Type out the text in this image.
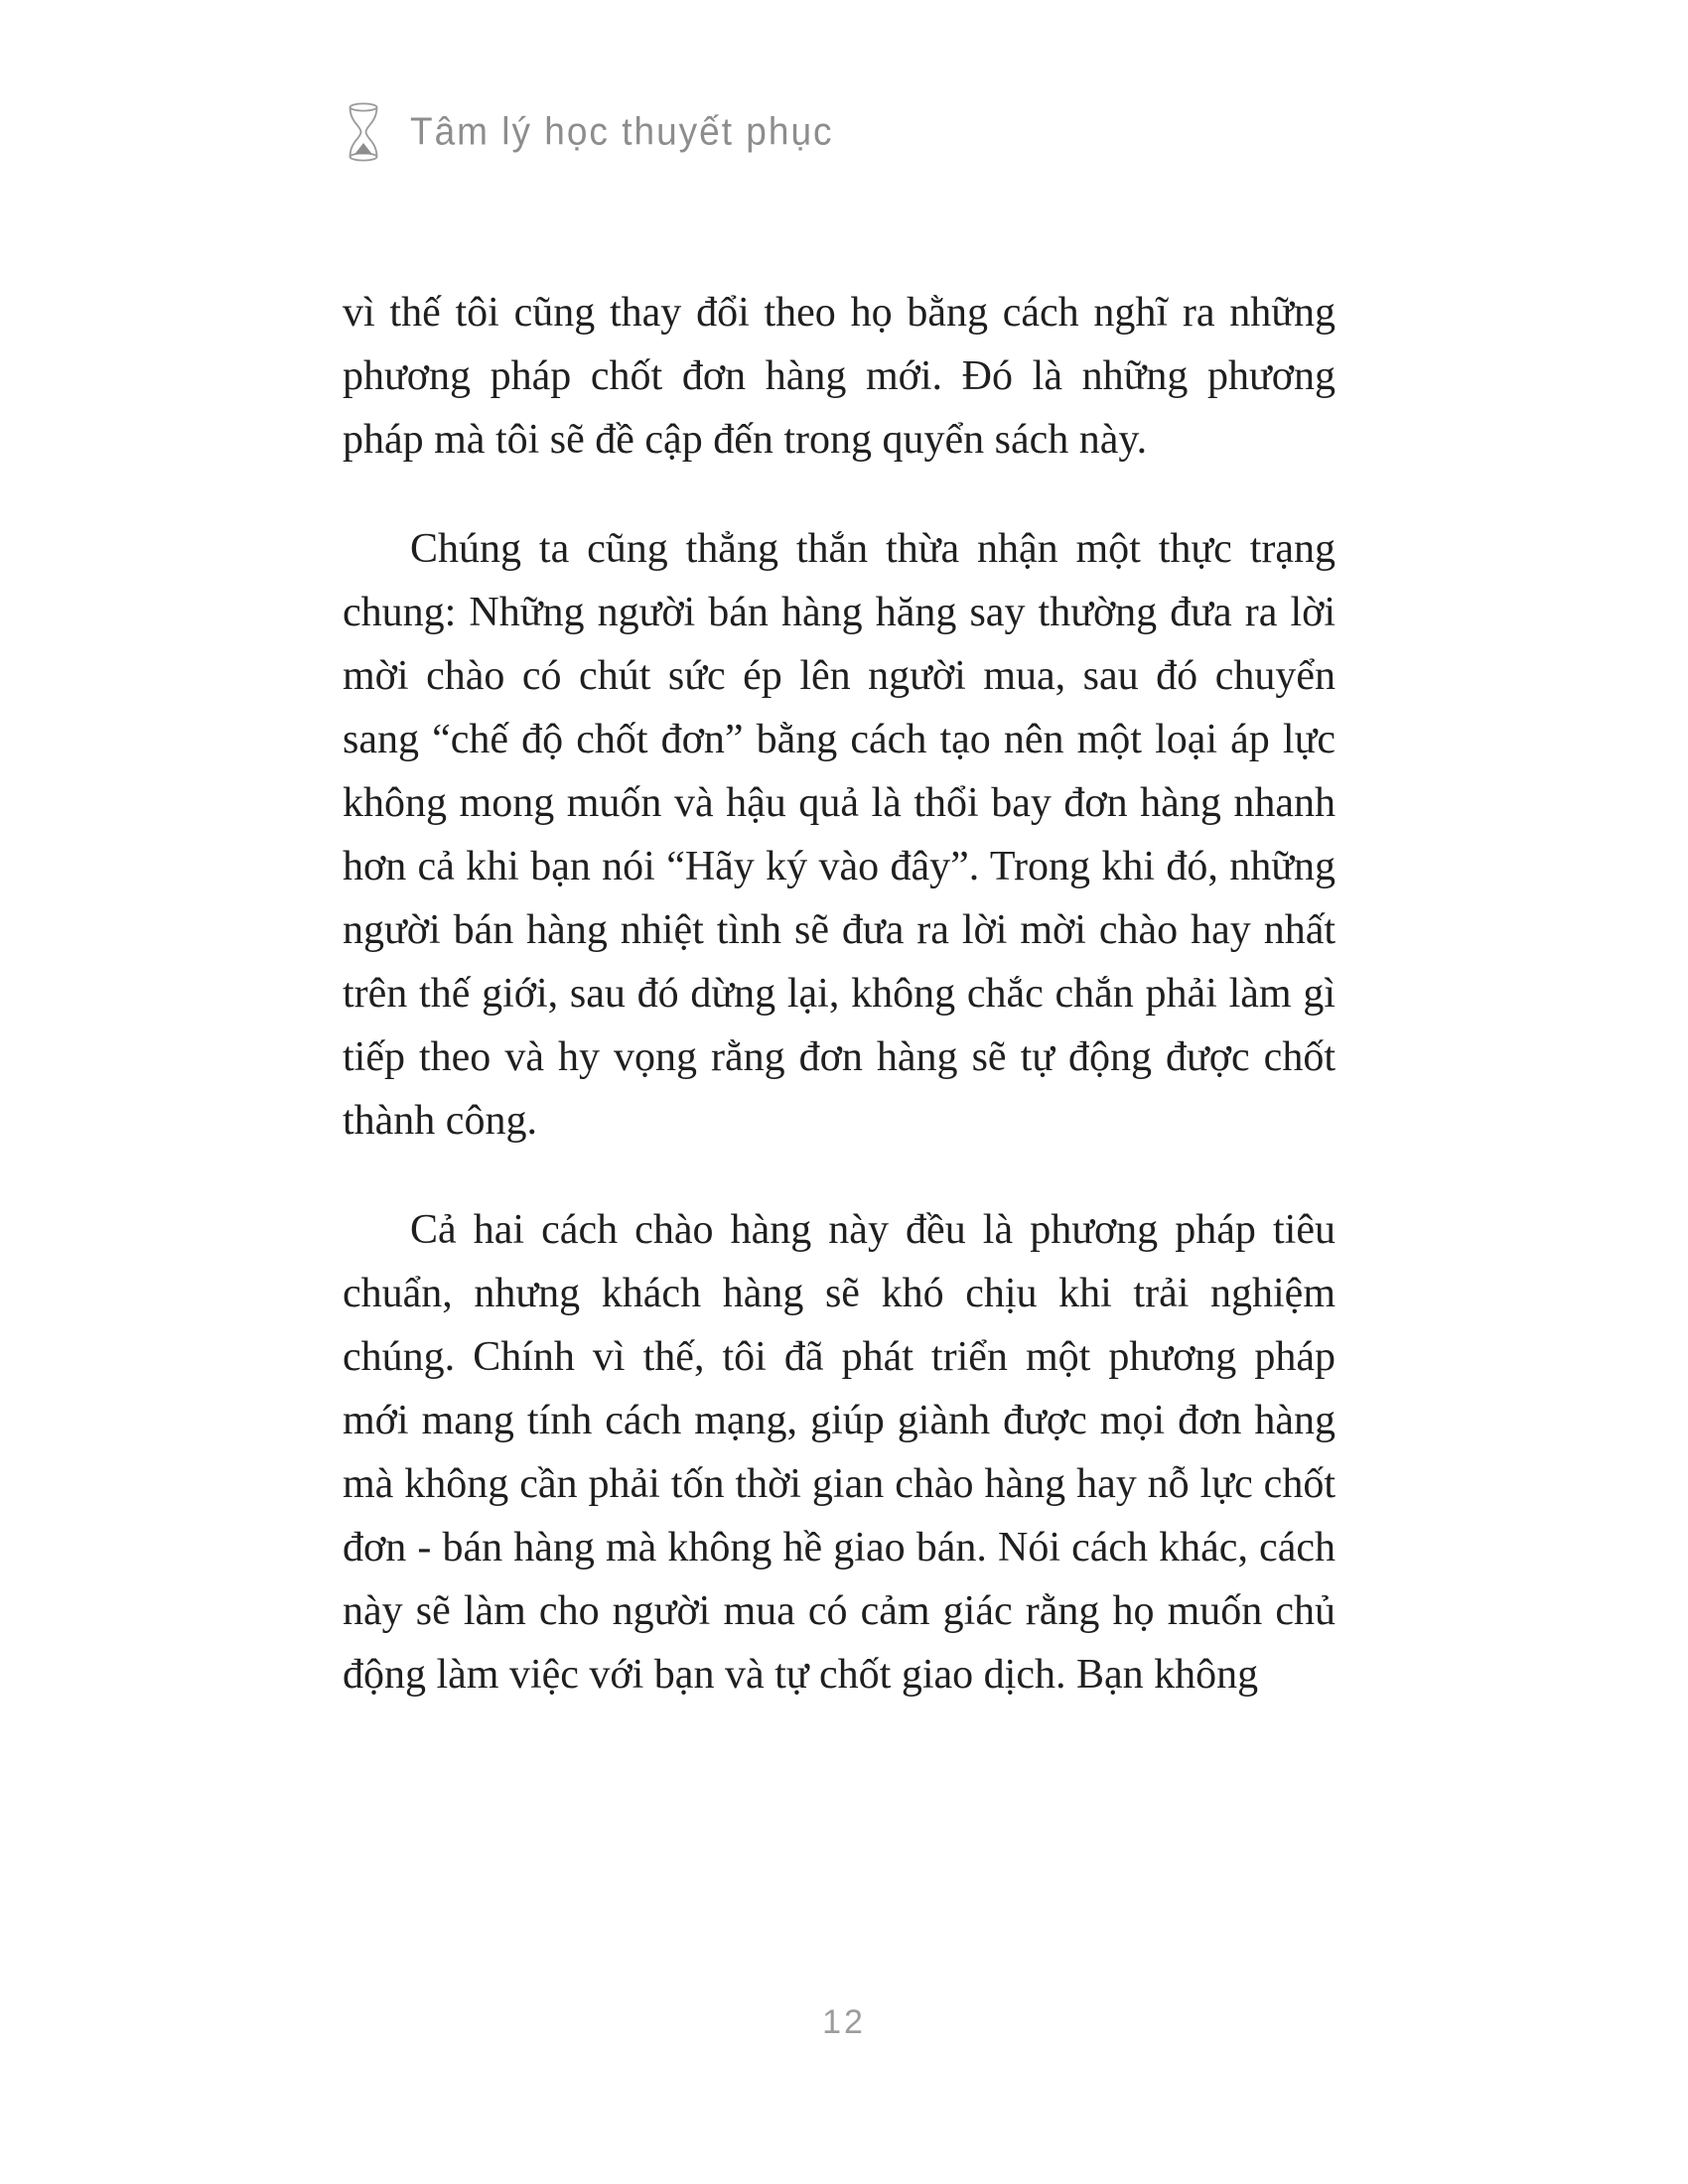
Tâm lý học thuyết phục

vì thế tôi cũng thay đổi theo họ bằng cách nghĩ ra những phương pháp chốt đơn hàng mới. Đó là những phương pháp mà tôi sẽ đề cập đến trong quyển sách này.

Chúng ta cũng thẳng thắn thừa nhận một thực trạng chung: Những người bán hàng hăng say thường đưa ra lời mời chào có chút sức ép lên người mua, sau đó chuyển sang “chế độ chốt đơn” bằng cách tạo nên một loại áp lực không mong muốn và hậu quả là thổi bay đơn hàng nhanh hơn cả khi bạn nói “Hãy ký vào đây”. Trong khi đó, những người bán hàng nhiệt tình sẽ đưa ra lời mời chào hay nhất trên thế giới, sau đó dừng lại, không chắc chắn phải làm gì tiếp theo và hy vọng rằng đơn hàng sẽ tự động được chốt thành công.

Cả hai cách chào hàng này đều là phương pháp tiêu chuẩn, nhưng khách hàng sẽ khó chịu khi trải nghiệm chúng. Chính vì thế, tôi đã phát triển một phương pháp mới mang tính cách mạng, giúp giành được mọi đơn hàng mà không cần phải tốn thời gian chào hàng hay nỗ lực chốt đơn - bán hàng mà không hề giao bán. Nói cách khác, cách này sẽ làm cho người mua có cảm giác rằng họ muốn chủ động làm việc với bạn và tự chốt giao dịch. Bạn không

12
